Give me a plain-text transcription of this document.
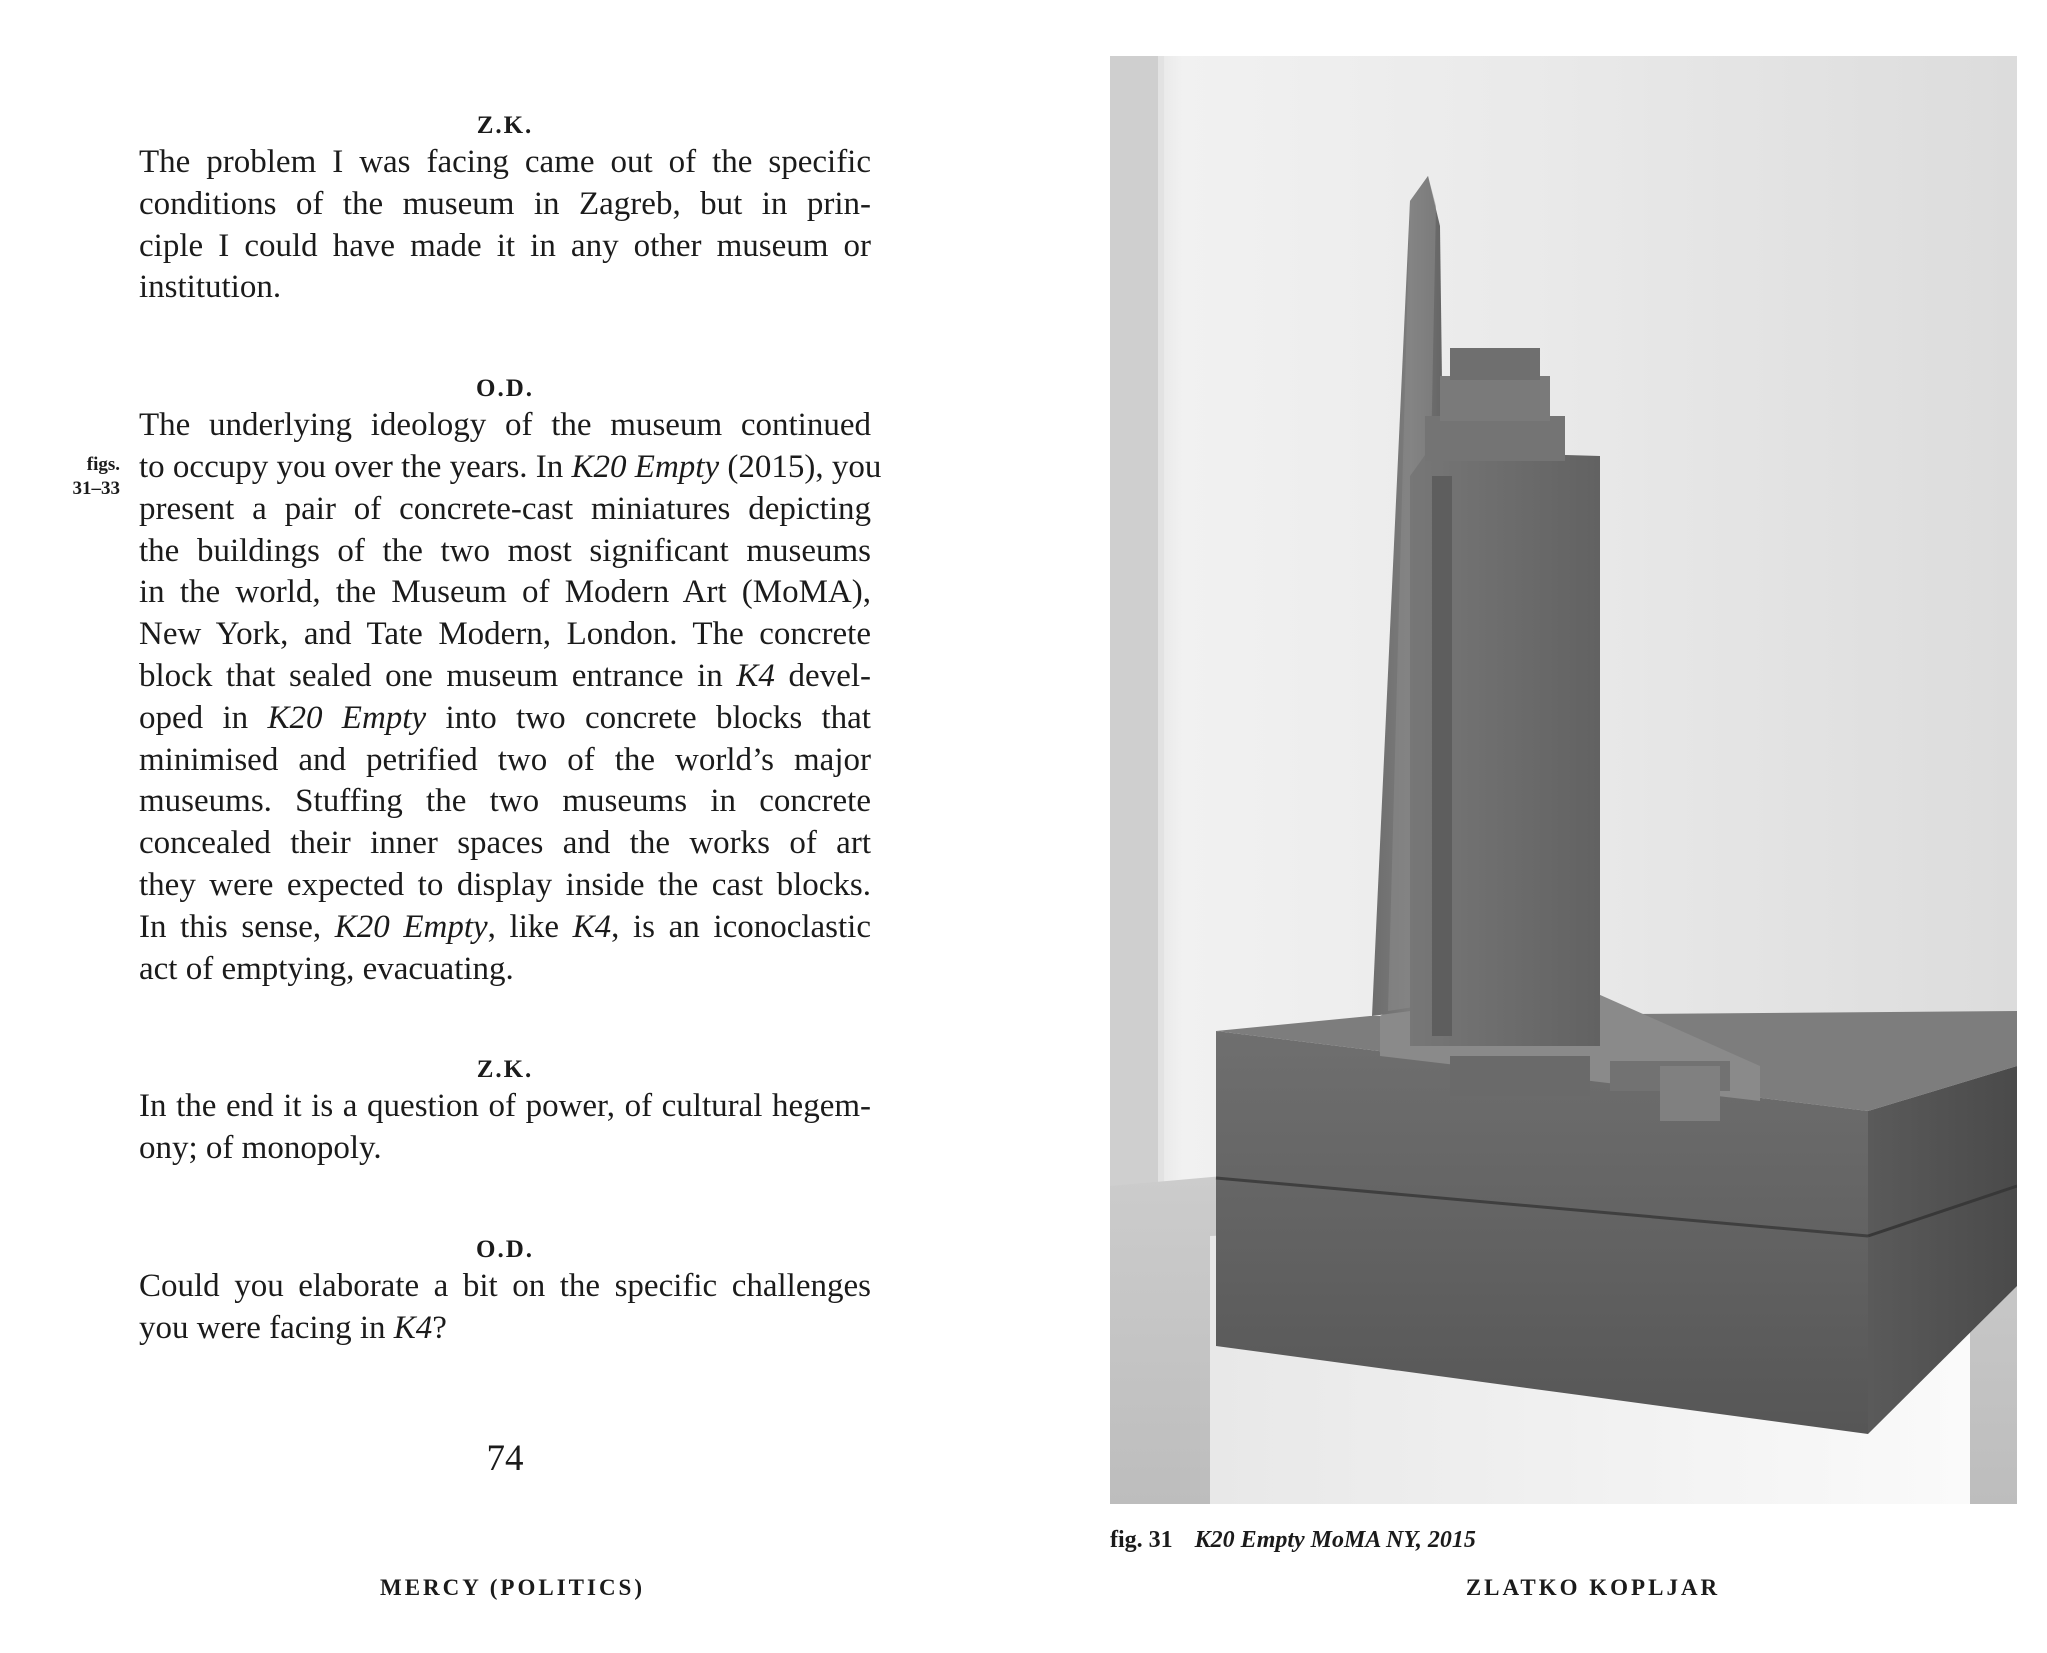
figs.
31–33
Z.K.
The problem I was facing came out of the specific
conditions of the museum in Zagreb, but in prin-
ciple I could have made it in any other museum or
institution.
O.D.
The underlying ideology of the museum continued
to occupy you over the years. In K20 Empty (2015), you
present a pair of concrete-cast miniatures depicting
the buildings of the two most significant museums
in the world, the Museum of Modern Art (MoMA),
New York, and Tate Modern, London. The concrete
block that sealed one museum entrance in K4 devel-
oped in K20 Empty into two concrete blocks that
minimised and petrified two of the world’s major
museums. Stuffing the two museums in concrete
concealed their inner spaces and the works of art
they were expected to display inside the cast blocks.
In this sense, K20 Empty, like K4, is an iconoclastic
act of emptying, evacuating.
Z.K.
In the end it is a question of power, of cultural hegem-
ony; of monopoly.
O.D.
Could you elaborate a bit on the specific challenges
you were facing in K4?
74
MERCY (POLITICS)
fig. 31 K20 Empty MoMA NY, 2015
ZLATKO KOPLJAR
